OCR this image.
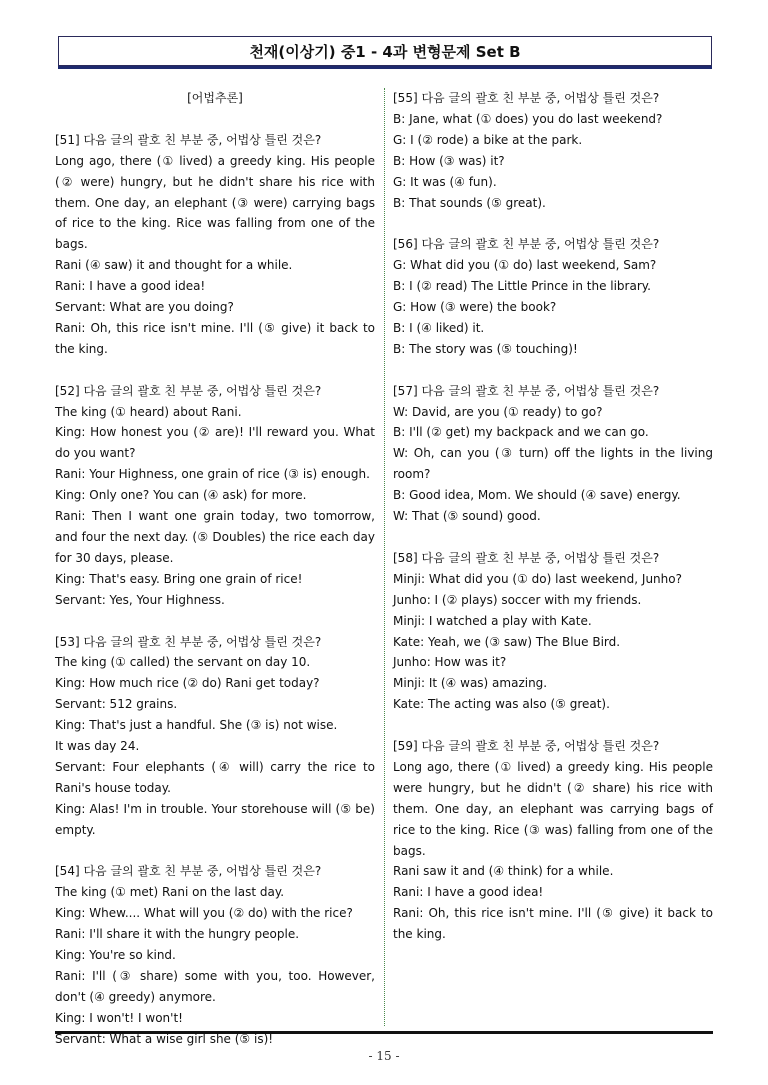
천재(이상기) 중1 - 4과 변형문제 Set B
[어법추론]
[51] 다음 글의 괄호 친 부분 중, 어법상 틀린 것은?
Long ago, there (① lived) a greedy king. His people (② were) hungry, but he didn't share his rice with them. One day, an elephant (③ were) carrying bags of rice to the king. Rice was falling from one of the bags.
Rani (④ saw) it and thought for a while.
Rani: I have a good idea!
Servant: What are you doing?
Rani: Oh, this rice isn't mine. I'll (⑤ give) it back to the king.
[52] 다음 글의 괄호 친 부분 중, 어법상 틀린 것은?
The king (① heard) about Rani.
King: How honest you (② are)! I'll reward you. What do you want?
Rani: Your Highness, one grain of rice (③ is) enough.
King: Only one? You can (④ ask) for more.
Rani: Then I want one grain today, two tomorrow, and four the next day. (⑤ Doubles) the rice each day for 30 days, please.
King: That's easy. Bring one grain of rice!
Servant: Yes, Your Highness.
[53] 다음 글의 괄호 친 부분 중, 어법상 틀린 것은?
The king (① called) the servant on day 10.
King: How much rice (② do) Rani get today?
Servant: 512 grains.
King: That's just a handful. She (③ is) not wise.
It was day 24.
Servant: Four elephants (④ will) carry the rice to Rani's house today.
King: Alas! I'm in trouble. Your storehouse will (⑤ be) empty.
[54] 다음 글의 괄호 친 부분 중, 어법상 틀린 것은?
The king (① met) Rani on the last day.
King: Whew.... What will you (② do) with the rice?
Rani: I'll share it with the hungry people.
King: You're so kind.
Rani: I'll (③ share) some with you, too. However, don't (④ greedy) anymore.
King: I won't! I won't!
Servant: What a wise girl she (⑤ is)!
[55] 다음 글의 괄호 친 부분 중, 어법상 틀린 것은?
B: Jane, what (① does) you do last weekend?
G: I (② rode) a bike at the park.
B: How (③ was) it?
G: It was (④ fun).
B: That sounds (⑤ great).
[56] 다음 글의 괄호 친 부분 중, 어법상 틀린 것은?
G: What did you (① do) last weekend, Sam?
B: I (② read) The Little Prince in the library.
G: How (③ were) the book?
B: I (④ liked) it.
B: The story was (⑤ touching)!
[57] 다음 글의 괄호 친 부분 중, 어법상 틀린 것은?
W: David, are you (① ready) to go?
B: I'll (② get) my backpack and we can go.
W: Oh, can you (③ turn) off the lights in the living room?
B: Good idea, Mom. We should (④ save) energy.
W: That (⑤ sound) good.
[58] 다음 글의 괄호 친 부분 중, 어법상 틀린 것은?
Minji: What did you (① do) last weekend, Junho?
Junho: I (② plays) soccer with my friends.
Minji: I watched a play with Kate.
Kate: Yeah, we (③ saw) The Blue Bird.
Junho: How was it?
Minji: It (④ was) amazing.
Kate: The acting was also (⑤ great).
[59] 다음 글의 괄호 친 부분 중, 어법상 틀린 것은?
Long ago, there (① lived) a greedy king. His people were hungry, but he didn't (② share) his rice with them. One day, an elephant was carrying bags of rice to the king. Rice (③ was) falling from one of the bags.
Rani saw it and (④ think) for a while.
Rani: I have a good idea!
Rani: Oh, this rice isn't mine. I'll (⑤ give) it back to the king.
- 15 -
